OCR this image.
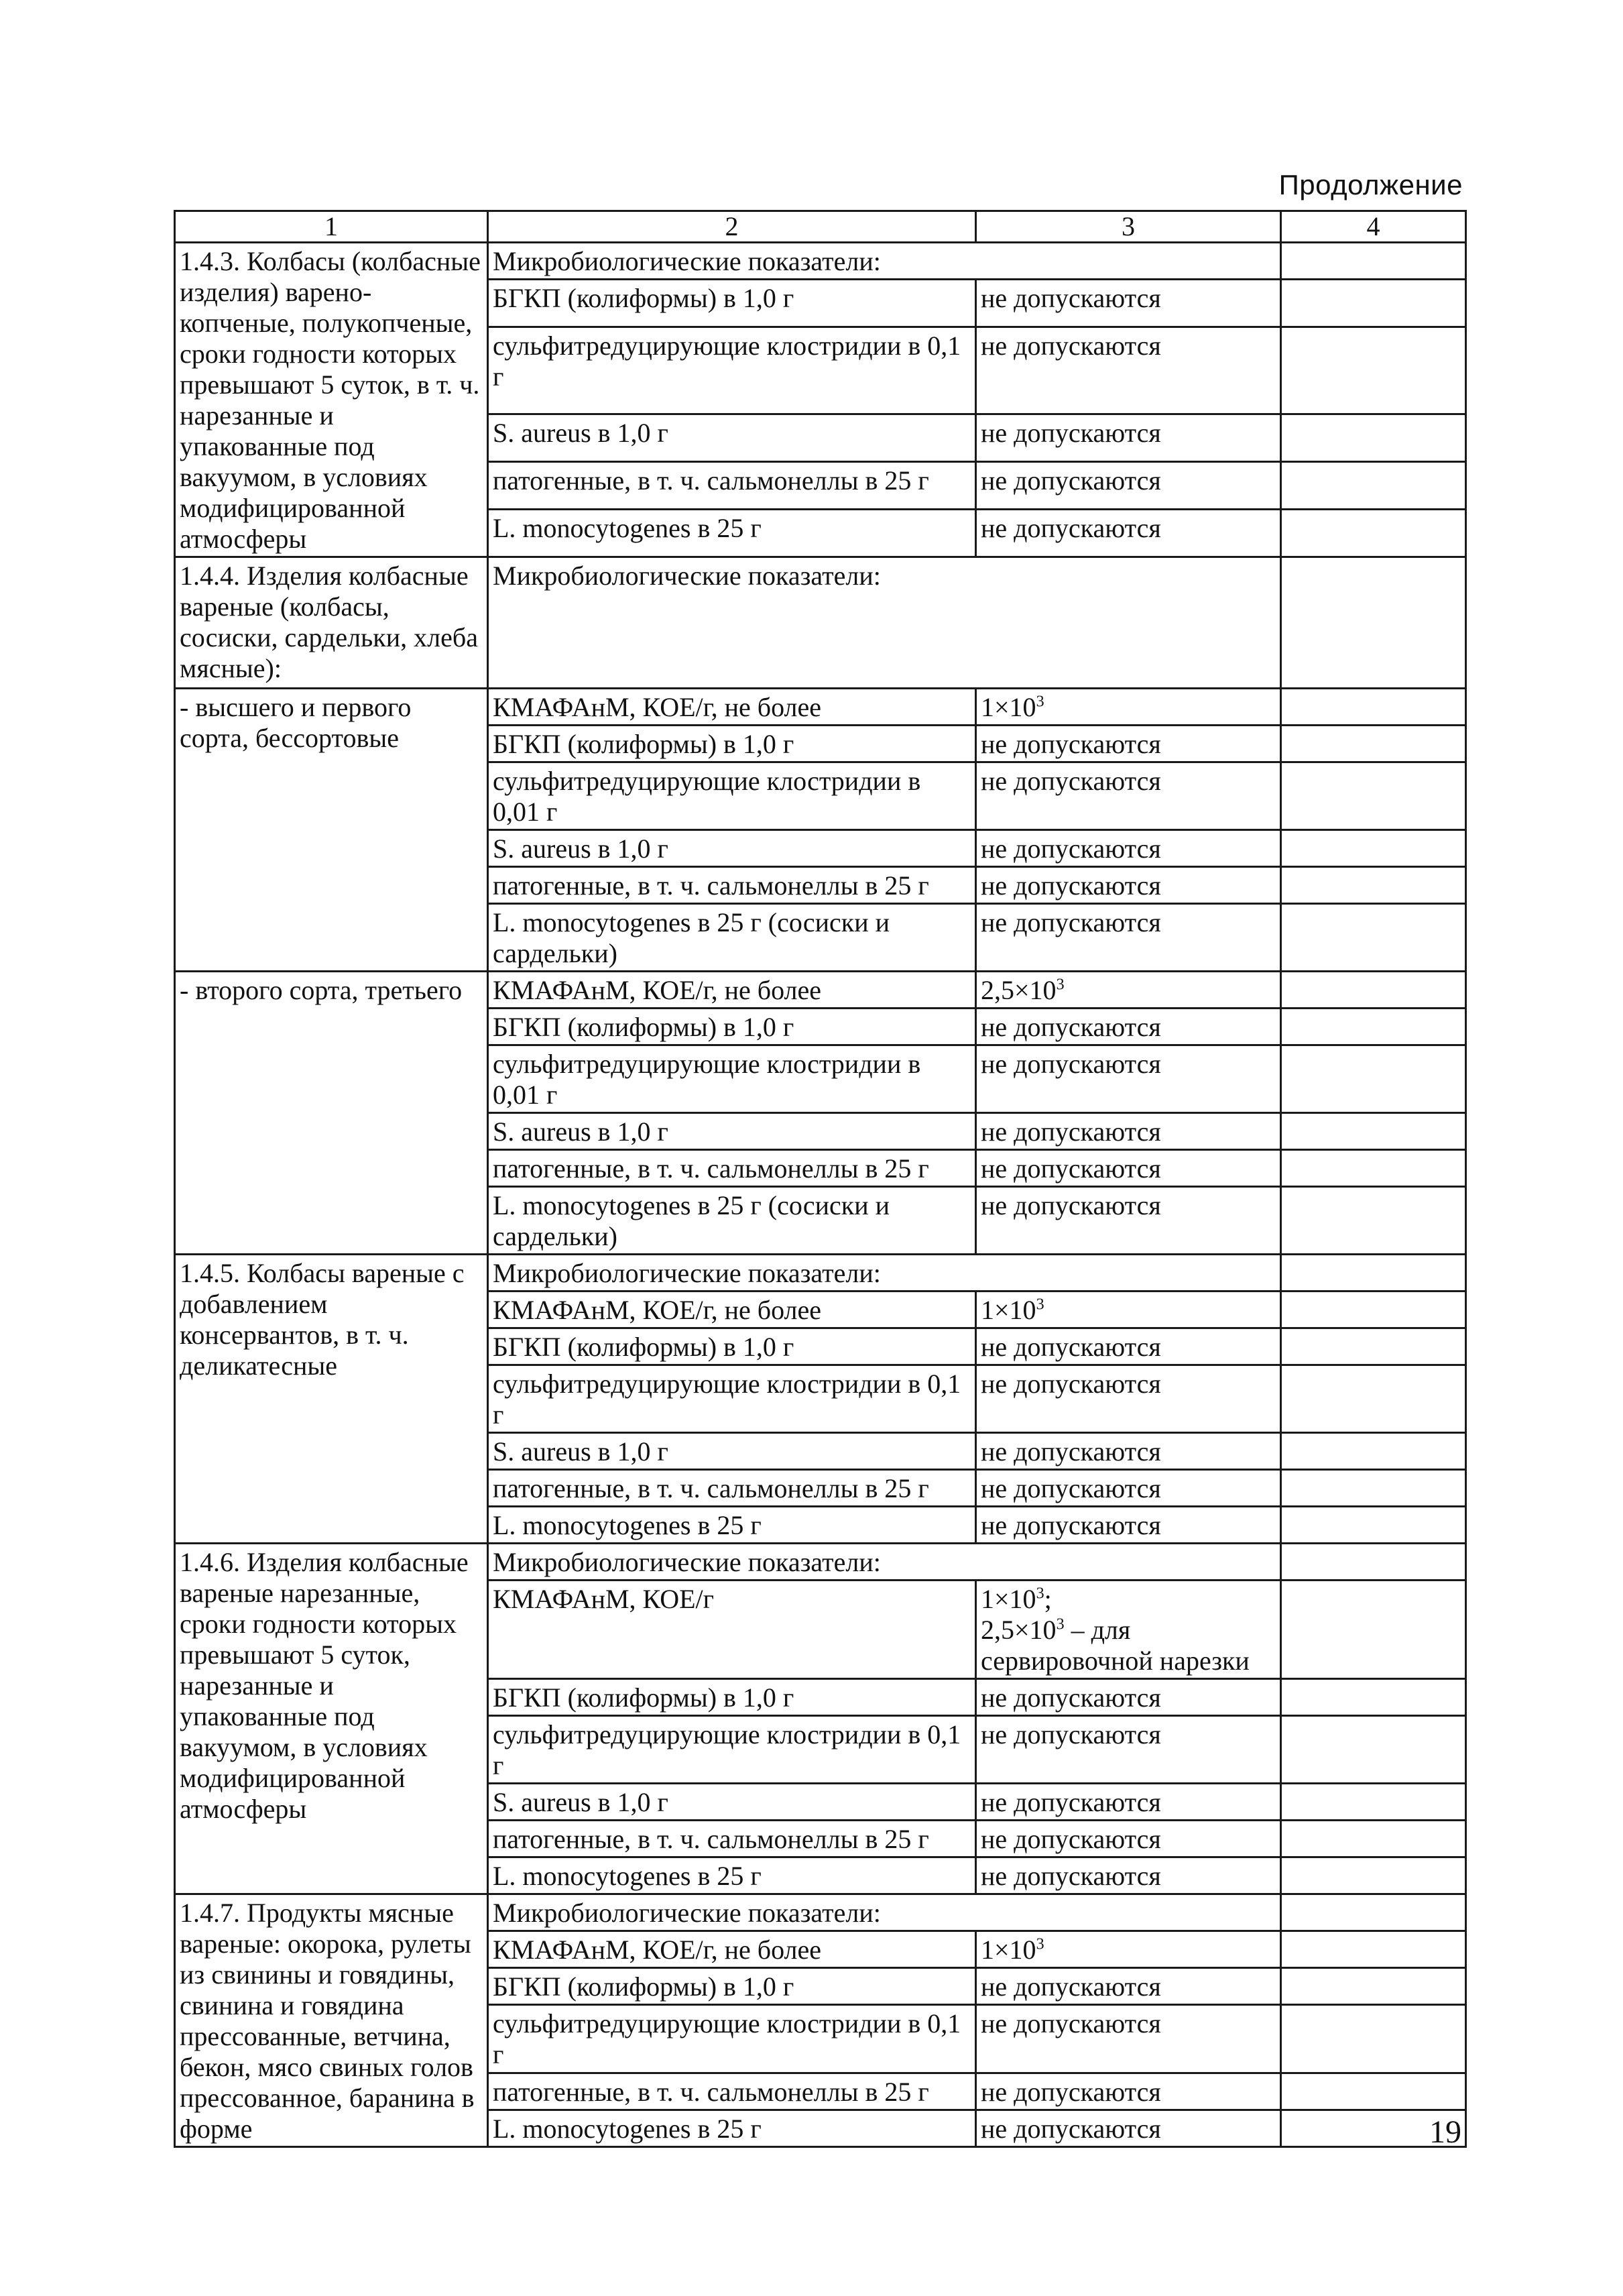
Продолжение
1	2	3	4
1.4.3. Колбасы (колбасные изделия) варено-копченые, полукопченые, сроки годности которых превышают 5 суток, в т. ч. нарезанные и упакованные под вакуумом, в условиях модифицированной атмосферы	Микробиологические показатели:		
	БГКП (колиформы) в 1,0 г	не допускаются	
	сульфитредуцирующие клостридии в 0,1 г	не допускаются	
	S. aureus в 1,0 г	не допускаются	
	патогенные, в т. ч. сальмонеллы в 25 г	не допускаются	
	L. monocytogenes в 25 г	не допускаются	
1.4.4. Изделия колбасные вареные (колбасы, сосиски, сардельки, хлеба мясные):	Микробиологические показатели:		
- высшего и первого сорта, бессортовые	КМАФАнМ, КОЕ/г, не более	$1\times 10^3$	
	БГКП (колиформы) в 1,0 г	не допускаются	
	сульфитредуцирующие клостридии в 0,01 г	не допускаются	
	S. aureus в 1,0 г	не допускаются	
	патогенные, в т. ч. сальмонеллы в 25 г	не допускаются	
	L. monocytogenes в 25 г (сосиски и сардельки)	не допускаются	
- второго сорта, третьего	КМАФАнМ, КОЕ/г, не более	$2,5\times 10^3$	
	БГКП (колиформы) в 1,0 г	не допускаются	
	сульфитредуцирующие клостридии в 0,01 г	не допускаются	
	S. aureus в 1,0 г	не допускаются	
	патогенные, в т. ч. сальмонеллы в 25 г	не допускаются	
	L. monocytogenes в 25 г (сосиски и сардельки)	не допускаются	
1.4.5. Колбасы вареные с добавлением консервантов, в т. ч. деликатесные	Микробиологические показатели:		
	КМАФАнМ, КОЕ/г, не более	$1\times 10^3$	
	БГКП (колиформы) в 1,0 г	не допускаются	
	сульфитредуцирующие клостридии в 0,1 г	не допускаются	
	S. aureus в 1,0 г	не допускаются	
	патогенные, в т. ч. сальмонеллы в 25 г	не допускаются	
	L. monocytogenes в 25 г	не допускаются	
1.4.6. Изделия колбасные вареные нарезанные, сроки годности которых превышают 5 суток, нарезанные и упакованные под вакуумом, в условиях модифицированной атмосферы	Микробиологические показатели:		
	КМАФАнМ, КОЕ/г	$1\times 10^3$;
$2,5\times 10^3$ – для сервировочной нарезки	
	БГКП (колиформы) в 1,0 г	не допускаются	
	сульфитредуцирующие клостридии в 0,1 г	не допускаются	
	S. aureus в 1,0 г	не допускаются	
	патогенные, в т. ч. сальмонеллы в 25 г	не допускаются	
	L. monocytogenes в 25 г	не допускаются	
1.4.7. Продукты мясные вареные: окорока, рулеты из свинины и говядины, свинина и говядина прессованные, ветчина, бекон, мясо свиных голов прессованное, баранина в форме	Микробиологические показатели:		
	КМАФАнМ, КОЕ/г, не более	$1\times 10^3$	
	БГКП (колиформы) в 1,0 г	не допускаются	
	сульфитредуцирующие клостридии в 0,1 г	не допускаются	
	патогенные, в т. ч. сальмонеллы в 25 г	не допускаются	
	L. monocytogenes в 25 г	не допускаются		19
